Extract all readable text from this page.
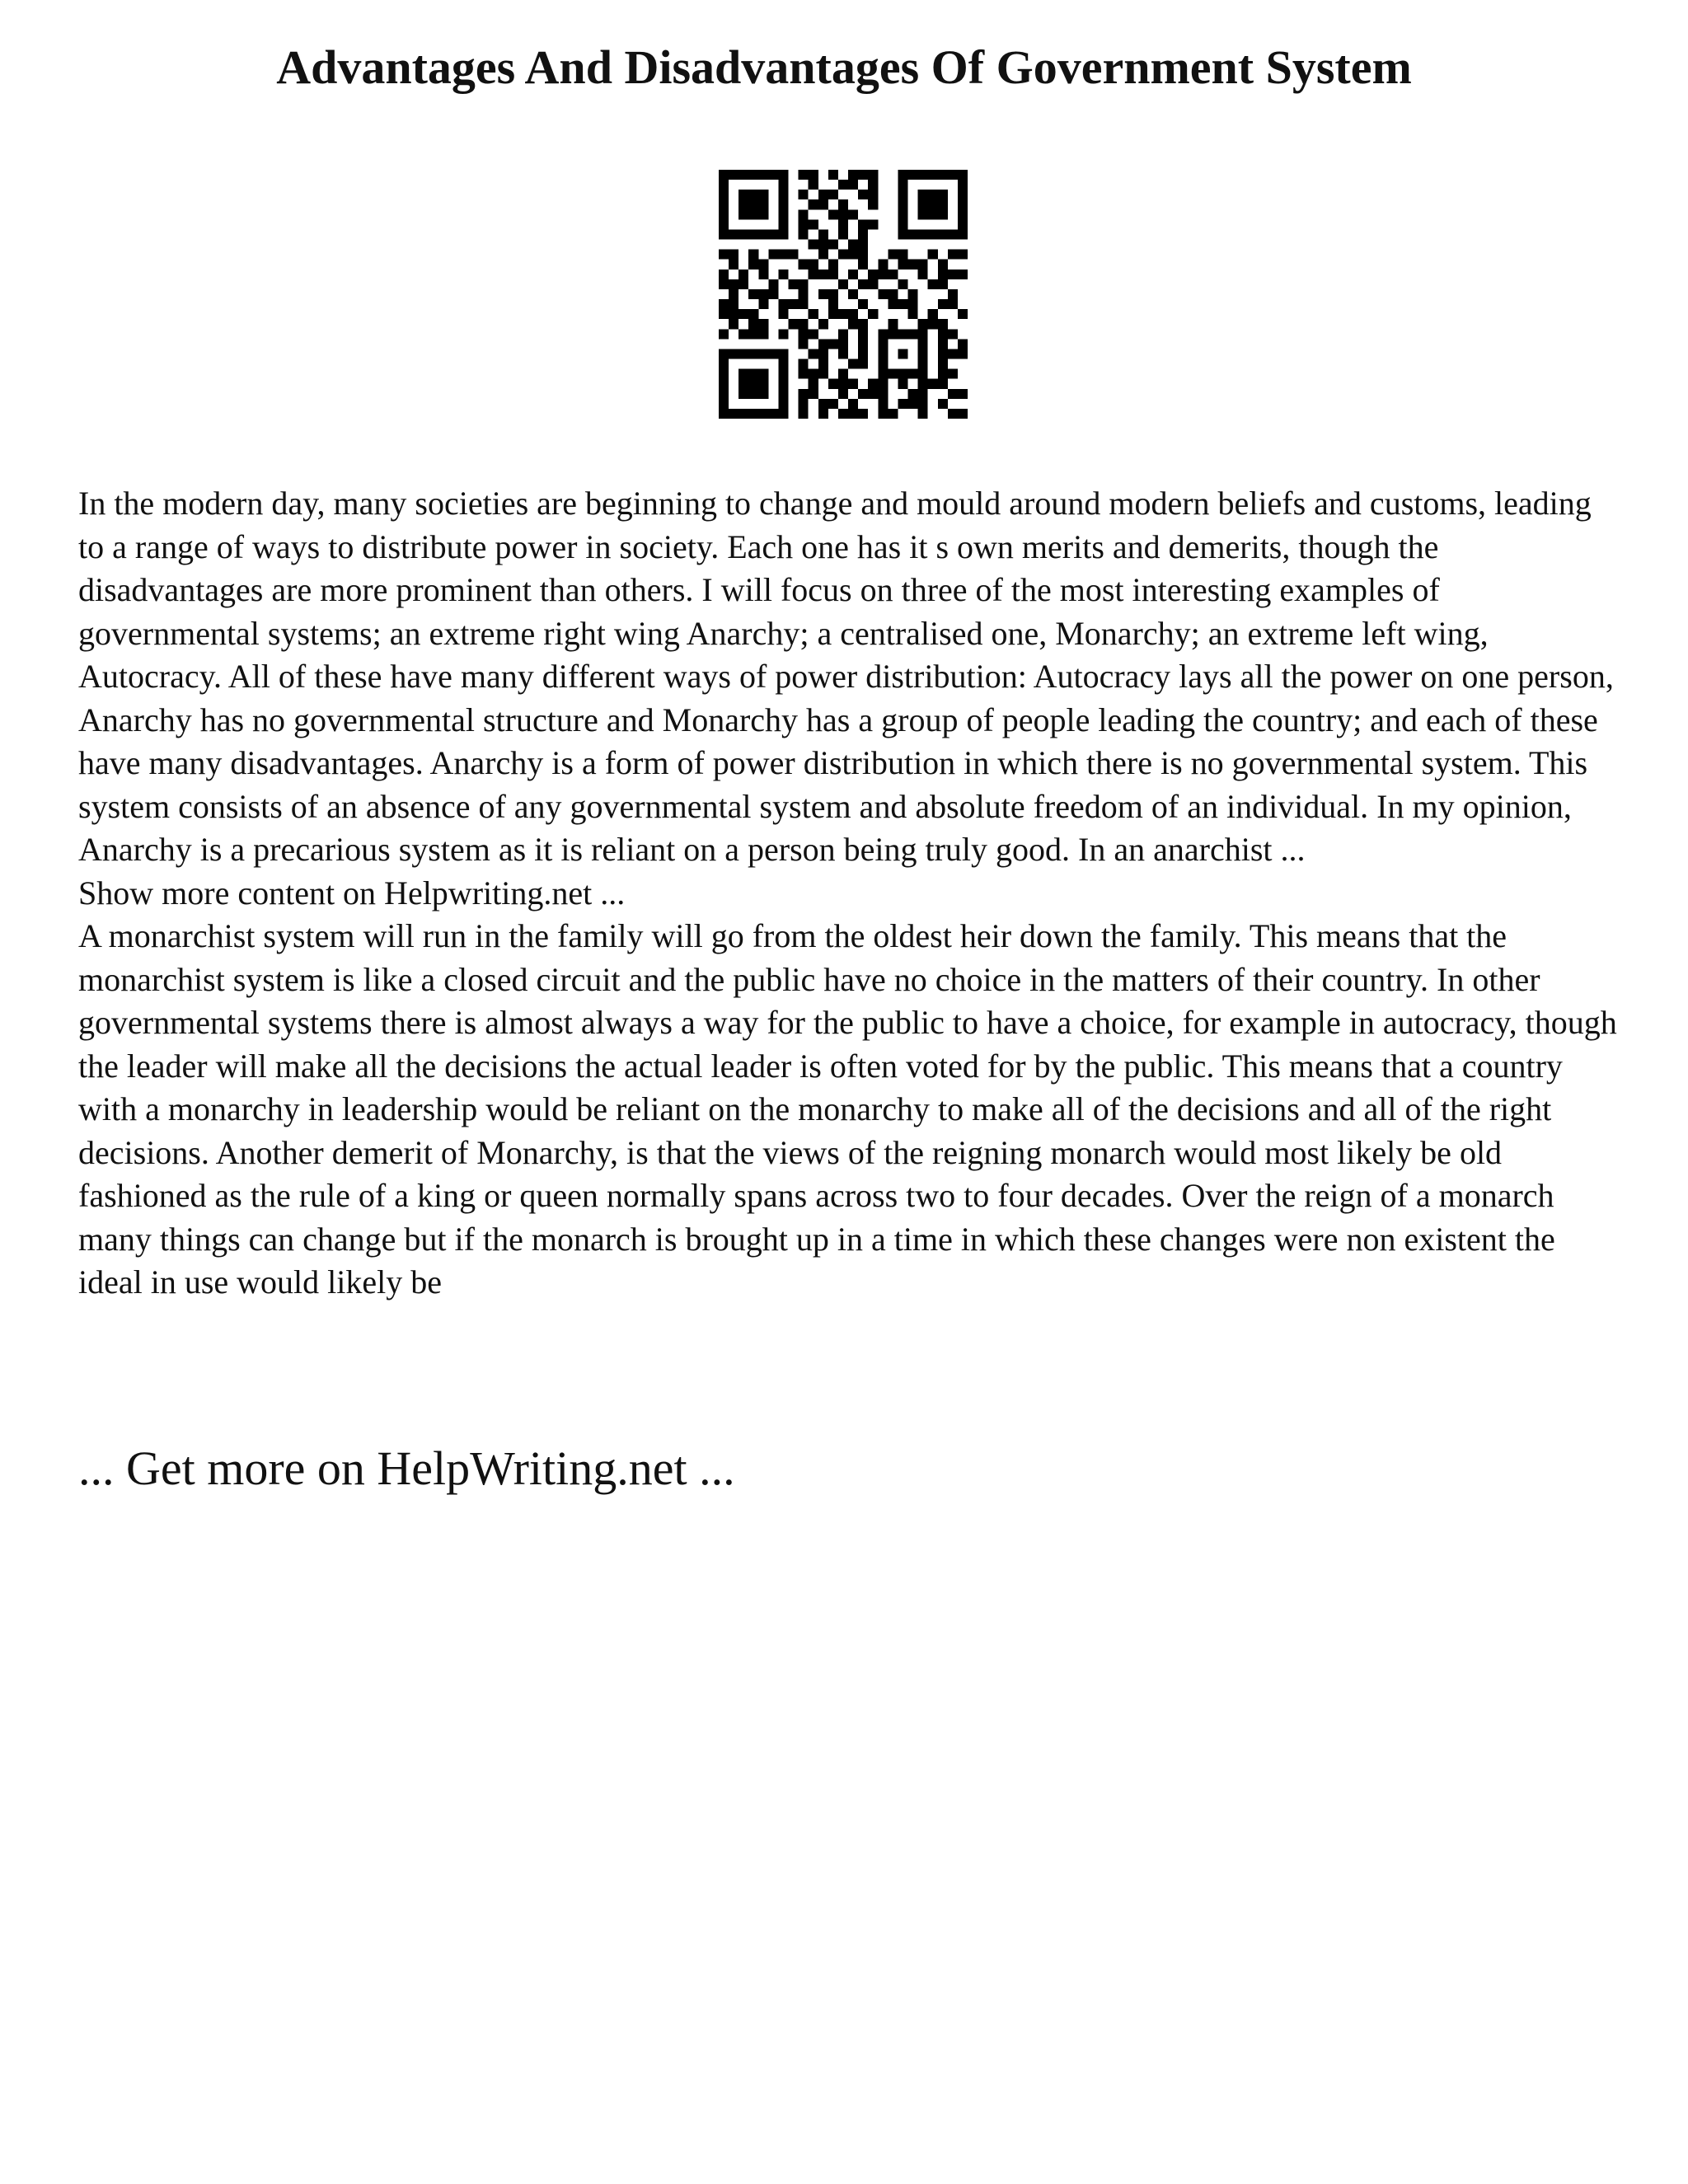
Advantages And Disadvantages Of Government System

In the modern day, many societies are beginning to change and mould around modern beliefs and customs, leading to a range of ways to distribute power in society. Each one has it s own merits and demerits, though the disadvantages are more prominent than others. I will focus on three of the most interesting examples of governmental systems; an extreme right wing Anarchy; a centralised one, Monarchy; an extreme left wing, Autocracy. All of these have many different ways of power distribution: Autocracy lays all the power on one person, Anarchy has no governmental structure and Monarchy has a group of people leading the country; and each of these have many disadvantages. Anarchy is a form of power distribution in which there is no governmental system. This system consists of an absence of any governmental system and absolute freedom of an individual. In my opinion, Anarchy is a precarious system as it is reliant on a person being truly good. In an anarchist ...

Show more content on Helpwriting.net ...

A monarchist system will run in the family will go from the oldest heir down the family. This means that the monarchist system is like a closed circuit and the public have no choice in the matters of their country. In other governmental systems there is almost always a way for the public to have a choice, for example in autocracy, though the leader will make all the decisions the actual leader is often voted for by the public. This means that a country with a monarchy in leadership would be reliant on the monarchy to make all of the decisions and all of the right decisions. Another demerit of Monarchy, is that the views of the reigning monarch would most likely be old fashioned as the rule of a king or queen normally spans across two to four decades. Over the reign of a monarch many things can change but if the monarch is brought up in a time in which these changes were non existent the ideal in use would likely be

... Get more on HelpWriting.net ...
